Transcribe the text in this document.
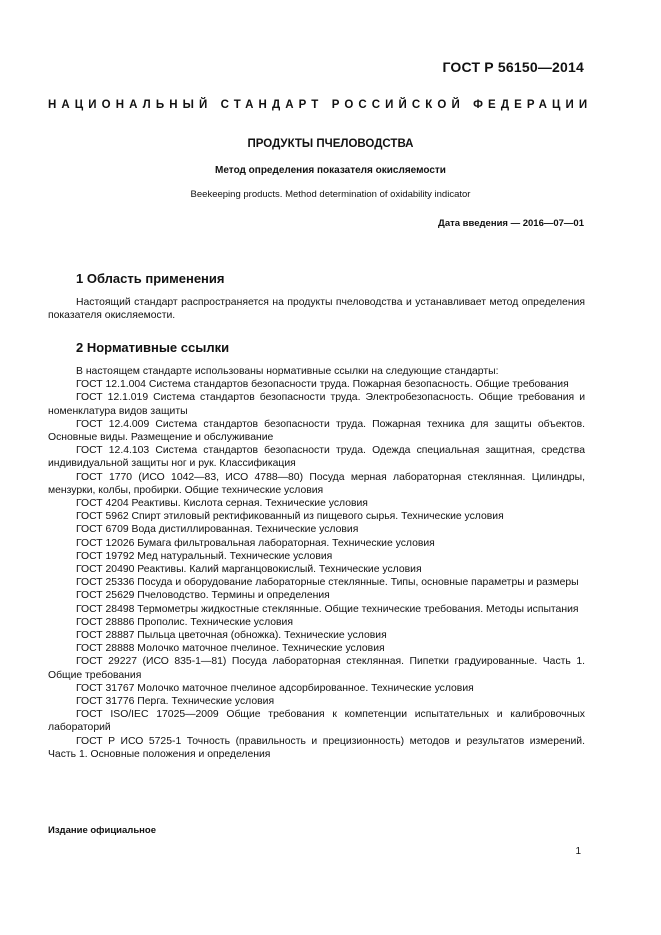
ГОСТ Р 56150—2014
НАЦИОНАЛЬНЫЙ СТАНДАРТ РОССИЙСКОЙ ФЕДЕРАЦИИ
ПРОДУКТЫ ПЧЕЛОВОДСТВА
Метод определения показателя окисляемости
Beekeeping products. Method determination of oxidability indicator
Дата введения — 2016—07—01
1 Область применения

Настоящий стандарт распространяется на продукты пчеловодства и устанавливает метод определения показателя окисляемости.

2 Нормативные ссылки

В настоящем стандарте использованы нормативные ссылки на следующие стандарты:

ГОСТ 12.1.004 Система стандартов безопасности труда. Пожарная безопасность. Общие требования

ГОСТ 12.1.019 Система стандартов безопасности труда. Электробезопасность. Общие требования и номенклатура видов защиты

ГОСТ 12.4.009 Система стандартов безопасности труда. Пожарная техника для защиты объектов. Основные виды. Размещение и обслуживание

ГОСТ 12.4.103 Система стандартов безопасности труда. Одежда специальная защитная, средства индивидуальной защиты ног и рук. Классификация

ГОСТ 1770 (ИСО 1042—83, ИСО 4788—80) Посуда мерная лабораторная стеклянная. Цилиндры, мензурки, колбы, пробирки. Общие технические условия

ГОСТ 4204 Реактивы. Кислота серная. Технические условия

ГОСТ 5962 Спирт этиловый ректификованный из пищевого сырья. Технические условия

ГОСТ 6709 Вода дистиллированная. Технические условия

ГОСТ 12026 Бумага фильтровальная лабораторная. Технические условия

ГОСТ 19792 Мед натуральный. Технические условия

ГОСТ 20490 Реактивы. Калий марганцовокислый. Технические условия

ГОСТ 25336 Посуда и оборудование лабораторные стеклянные. Типы, основные параметры и размеры

ГОСТ 25629 Пчеловодство. Термины и определения

ГОСТ 28498 Термометры жидкостные стеклянные. Общие технические требования. Методы испытания

ГОСТ 28886 Прополис. Технические условия

ГОСТ 28887 Пыльца цветочная (обножка). Технические условия

ГОСТ 28888 Молочко маточное пчелиное. Технические условия

ГОСТ 29227 (ИСО 835-1—81) Посуда лабораторная стеклянная. Пипетки градуированные. Часть 1. Общие требования

ГОСТ 31767 Молочко маточное пчелиное адсорбированное. Технические условия

ГОСТ 31776 Перга. Технические условия

ГОСТ ISO/IEC 17025—2009 Общие требования к компетенции испытательных и калибровочных лабораторий

ГОСТ Р ИСО 5725-1 Точность (правильность и прецизионность) методов и результатов измерений. Часть 1. Основные положения и определения

Издание официальное
1
